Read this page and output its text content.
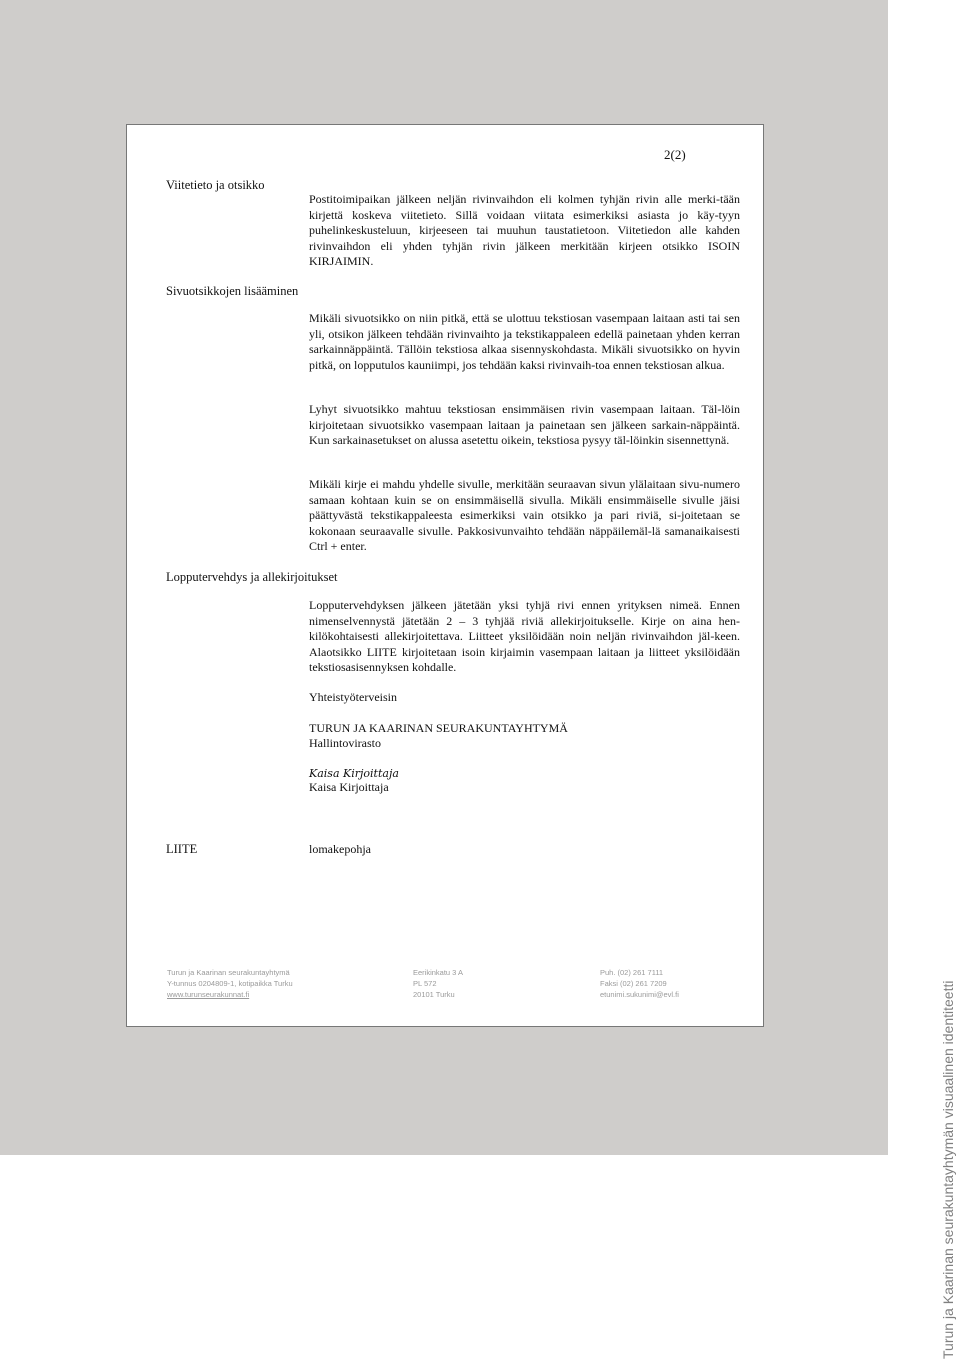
2(2)
Viitetieto ja otsikko

Postitoimipaikan jälkeen neljän rivinvaihdon eli kolmen tyhjän rivin alle merki-tään kirjettä koskeva viitetieto. Sillä voidaan viitata esimerkiksi asiasta jo käy-tyyn puhelinkeskusteluun, kirjeeseen tai muuhun taustatietoon. Viitetiedon alle kahden rivinvaihdon eli yhden tyhjän rivin jälkeen merkitään kirjeen otsikko ISOIN KIRJAIMIN.

Sivuotsikkojen lisääminen

Mikäli sivuotsikko on niin pitkä, että se ulottuu tekstiosan vasempaan laitaan asti tai sen yli, otsikon jälkeen tehdään rivinvaihto ja tekstikappaleen edellä painetaan yhden kerran sarkainnäppäintä. Tällöin tekstiosa alkaa sisennyskohdasta. Mikäli sivuotsikko on hyvin pitkä, on lopputulos kauniimpi, jos tehdään kaksi rivinvaih-toa ennen tekstiosan alkua.

Lyhyt sivuotsikko mahtuu tekstiosan ensimmäisen rivin vasempaan laitaan. Täl-löin kirjoitetaan sivuotsikko vasempaan laitaan ja painetaan sen jälkeen sarkain-näppäintä. Kun sarkainasetukset on alussa asetettu oikein, tekstiosa pysyy täl-löinkin sisennettynä.

Mikäli kirje ei mahdu yhdelle sivulle, merkitään seuraavan sivun ylälaitaan sivu-numero samaan kohtaan kuin se on ensimmäisellä sivulla. Mikäli ensimmäiselle sivulle jäisi päättyvästä tekstikappaleesta esimerkiksi vain otsikko ja pari riviä, si-joitetaan se kokonaan seuraavalle sivulle. Pakkosivunvaihto tehdään näppäilemäl-lä samanaikaisesti Ctrl + enter.

Lopputervehdys ja allekirjoitukset

Lopputervehdyksen jälkeen jätetään yksi tyhjä rivi ennen yrityksen nimeä. Ennen nimenselvennystä jätetään 2 – 3 tyhjää riviä allekirjoitukselle. Kirje on aina hen-kilökohtaisesti allekirjoitettava. Liitteet yksilöidään noin neljän rivinvaihdon jäl-keen. Alaotsikko LIITE kirjoitetaan isoin kirjaimin vasempaan laitaan ja liitteet yksilöidään tekstiosasisennyksen kohdalle.

Yhteistyöterveisin
TURUN JA KAARINAN SEURAKUNTAYHTYMÄ
Hallintovirasto
Kaisa Kirjoittaja
Kaisa Kirjoittaja
LIITE	lomakepohja
Turun ja Kaarinan seurakuntayhtymä
Y-tunnus 0204809-1, kotipaikka Turku
www.turunseurakunnat.fi
Eerikinkatu 3 A
PL 572
20101 Turku
Puh. (02) 261 7111
Faksi (02) 261 7209
etunimi.sukunimi@evl.fi	Turun ja Kaarinan seurakuntayhtymän visuaalinen identiteetti
